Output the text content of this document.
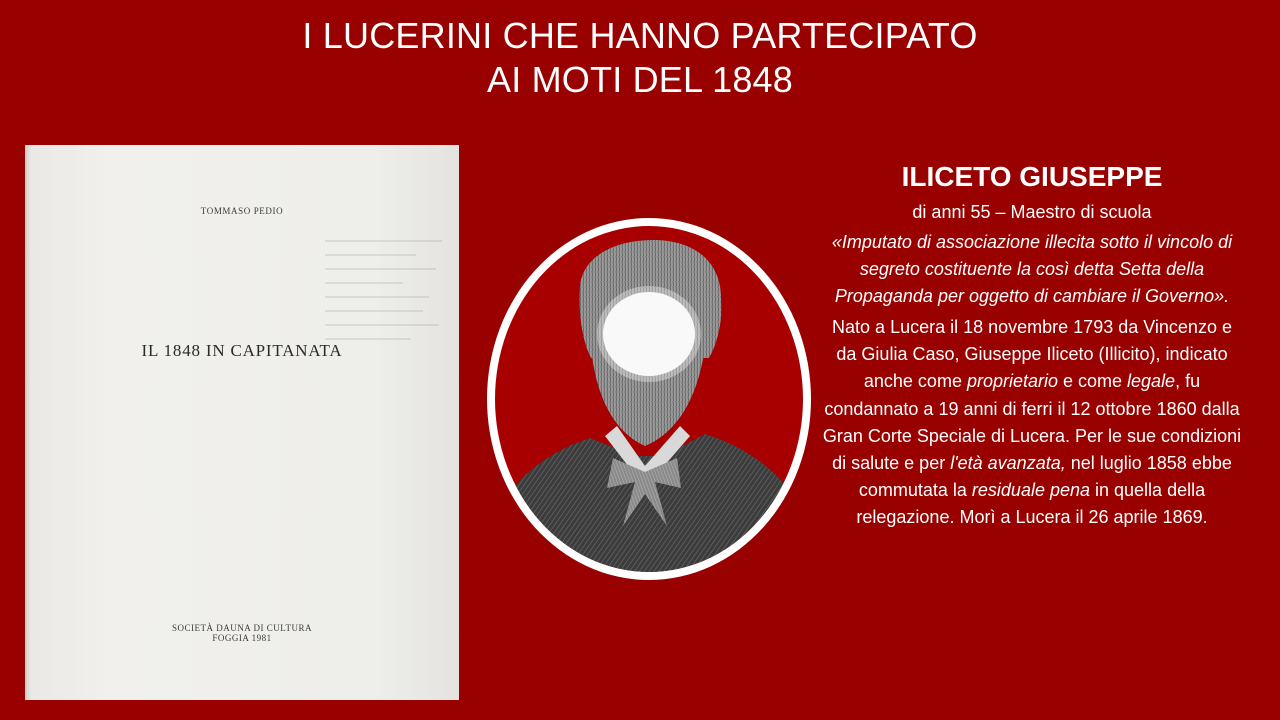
I LUCERINI CHE HANNO PARTECIPATO
AI MOTI DEL 1848
TOMMASO PEDIO
IL 1848 IN CAPITANATA
SOCIETÀ DAUNA DI CULTURA
FOGGIA 1981
ILICETO GIUSEPPE
di anni 55 – Maestro di scuola
«Imputato di associazione illecita sotto il vincolo di segreto costituente la così detta Setta della Propaganda per oggetto di cambiare il Governo».
Nato a Lucera il 18 novembre 1793 da Vincenzo e da Giulia Caso, Giuseppe Iliceto (Illicito), indicato anche come proprietario e come legale, fu condannato a 19 anni di ferri il 12 ottobre 1860 dalla Gran Corte Speciale di Lucera. Per le sue condizioni di salute e per l'età avanzata, nel luglio 1858 ebbe commutata la residuale pena in quella della relegazione. Morì a Lucera il 26 aprile 1869.
